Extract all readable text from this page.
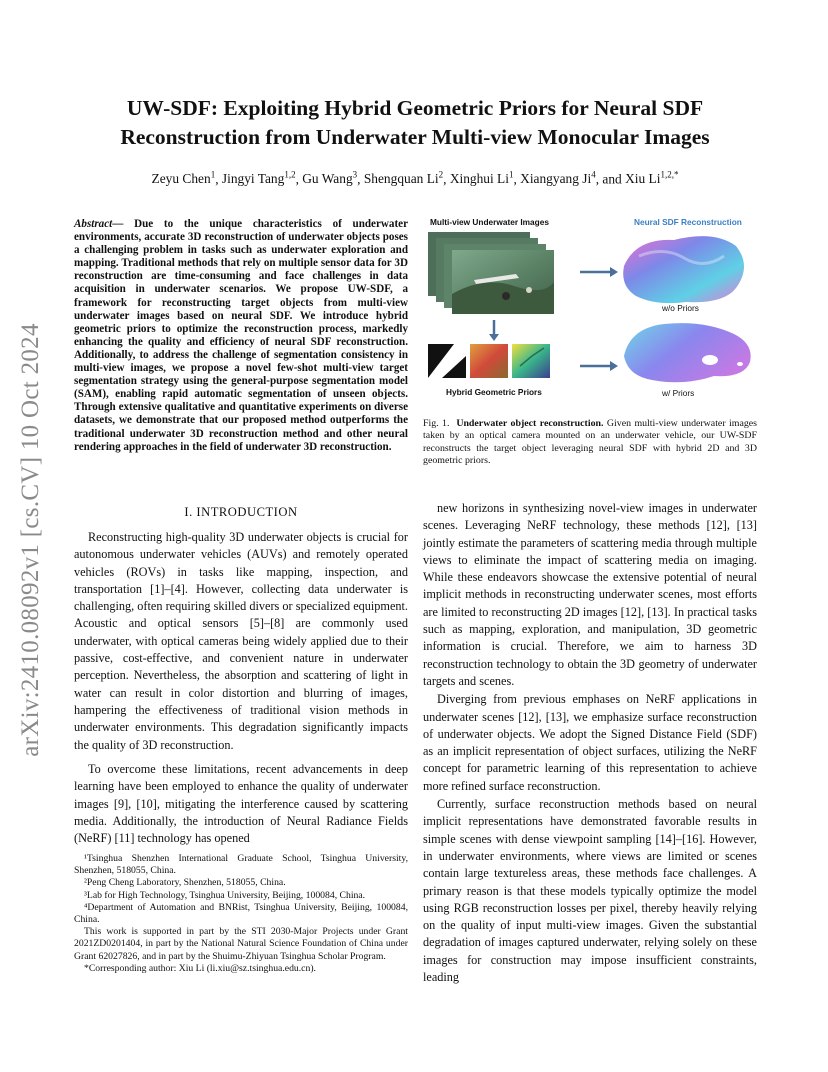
arXiv:2410.08092v1 [cs.CV] 10 Oct 2024
UW-SDF: Exploiting Hybrid Geometric Priors for Neural SDF
Reconstruction from Underwater Multi-view Monocular Images
Zeyu Chen$^1$, Jingyi Tang$^{1,2}$, Gu Wang$^3$, Shengquan Li$^2$, Xinghui Li$^1$, Xiangyang Ji$^4$, and Xiu $Li^{1,2,*}$
Abstract— Due to the unique characteristics of underwater environments, accurate 3D reconstruction of underwater objects poses a challenging problem in tasks such as underwater exploration and mapping. Traditional methods that rely on multiple sensor data for 3D reconstruction are time-consuming and face challenges in data acquisition in underwater scenarios. We propose UW-SDF, a framework for reconstructing target objects from multi-view underwater images based on neural SDF. We introduce hybrid geometric priors to optimize the reconstruction process, markedly enhancing the quality and efficiency of neural SDF reconstruction. Additionally, to address the challenge of segmentation consistency in multi-view images, we propose a novel few-shot multi-view target segmentation strategy using the general-purpose segmentation model (SAM), enabling rapid automatic segmentation of unseen objects. Through extensive qualitative and quantitative experiments on diverse datasets, we demonstrate that our proposed method outperforms the traditional underwater 3D reconstruction method and other neural rendering approaches in the field of underwater 3D reconstruction.
I. INTRODUCTION

Reconstructing high-quality 3D underwater objects is crucial for autonomous underwater vehicles (AUVs) and remotely operated vehicles (ROVs) in tasks like mapping, inspection, and transportation [1]–[4]. However, collecting data underwater is challenging, often requiring skilled divers or specialized equipment. Acoustic and optical sensors [5]–[8] are commonly used underwater, with optical cameras being widely applied due to their passive, cost-effective, and convenient nature in underwater perception. Nevertheless, the absorption and scattering of light in water can result in color distortion and blurring of images, hampering the effectiveness of traditional vision methods in underwater environments. This degradation significantly impacts the quality of 3D reconstruction.

To overcome these limitations, recent advancements in deep learning have been employed to enhance the quality of underwater images [9], [10], mitigating the interference caused by scattering media. Additionally, the introduction of Neural Radiance Fields (NeRF) [11] technology has opened

¹Tsinghua Shenzhen International Graduate School, Tsinghua University, Shenzhen, 518055, China.
²Peng Cheng Laboratory, Shenzhen, 518055, China.
³Lab for High Technology, Tsinghua University, Beijing, 100084, China.
⁴Department of Automation and BNRist, Tsinghua University, Beijing, 100084, China.
This work is supported in part by the STI 2030-Major Projects under Grant 2021ZD0201404, in part by the National Natural Science Foundation of China under Grant 62027826, and in part by the Shuimu-Zhiyuan Tsinghua Scholar Program.
*Corresponding author: Xiu Li (li.xiu@sz.tsinghua.edu.cn).
Multi-view Underwater Images	Neural SDF Reconstruction
w/o Priors
Hybrid Geometric Priors	w/ Priors
Fig. 1. Underwater object reconstruction. Given multi-view underwater images taken by an optical camera mounted on an underwater vehicle, our UW-SDF reconstructs the target object leveraging neural SDF with hybrid 2D and 3D geometric priors.

new horizons in synthesizing novel-view images in underwater scenes. Leveraging NeRF technology, these methods [12], [13] jointly estimate the parameters of scattering media through multiple views to eliminate the impact of scattering media on imaging. While these endeavors showcase the extensive potential of neural implicit methods in reconstructing underwater scenes, most efforts are limited to reconstructing 2D images [12], [13]. In practical tasks such as mapping, exploration, and manipulation, 3D geometric information is crucial. Therefore, we aim to harness 3D reconstruction technology to obtain the 3D geometry of underwater targets and scenes.

Diverging from previous emphases on NeRF applications in underwater scenes [12], [13], we emphasize surface reconstruction of underwater objects. We adopt the Signed Distance Field (SDF) as an implicit representation of object surfaces, utilizing the NeRF concept for parametric learning of this representation to achieve more refined surface reconstruction.

Currently, surface reconstruction methods based on neural implicit representations have demonstrated favorable results in simple scenes with dense viewpoint sampling [14]–[16]. However, in underwater environments, where views are limited or scenes contain large textureless areas, these methods face challenges. A primary reason is that these models typically optimize the model using RGB reconstruction losses per pixel, thereby heavily relying on the quality of input multi-view images. Given the substantial degradation of images captured underwater, relying solely on these images for construction may impose insufficient constraints, leading
